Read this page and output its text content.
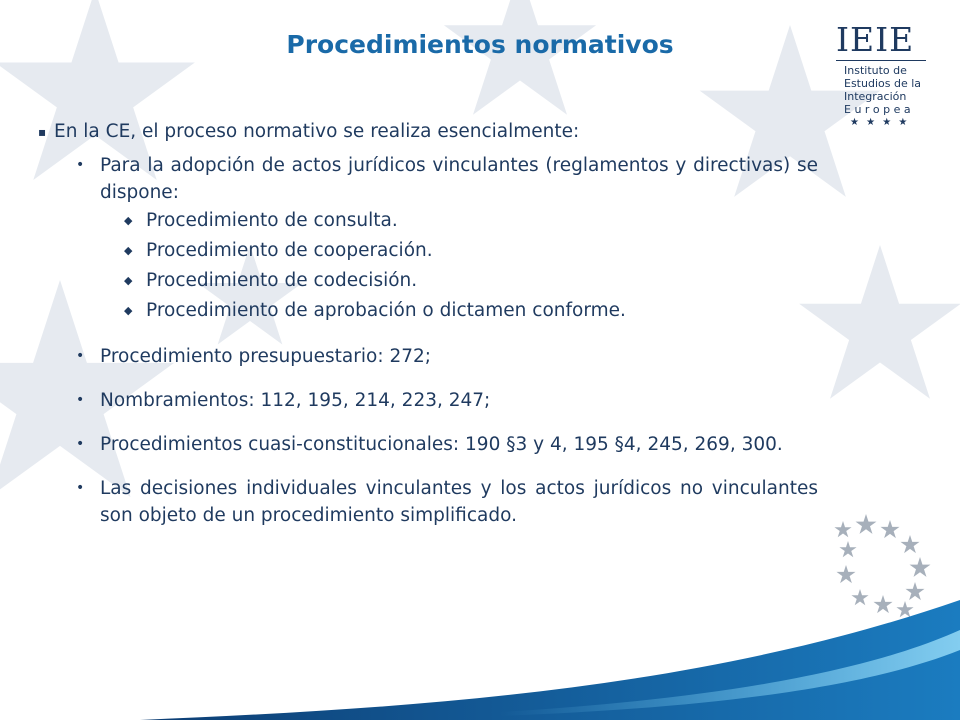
Procedimientos normativos	IEIE
Instituto de
Estudios de la
Integración
E u r o p e a
★ ★ ★ ★
▪ En la CE, el proceso normativo se realiza esencialmente:
• Para la adopción de actos jurídicos vinculantes (reglamentos y directivas) se dispone:
◆ Procedimiento de consulta.
◆ Procedimiento de cooperación.
◆ Procedimiento de codecisión.
◆ Procedimiento de aprobación o dictamen conforme.
• Procedimiento presupuestario: 272;
• Nombramientos: 112, 195, 214, 223, 247;
• Procedimientos cuasi-constitucionales: 190 §3 y 4, 195 §4, 245, 269, 300.
• Las decisiones individuales vinculantes y los actos jurídicos no vinculantes son objeto de un procedimiento simplificado.
